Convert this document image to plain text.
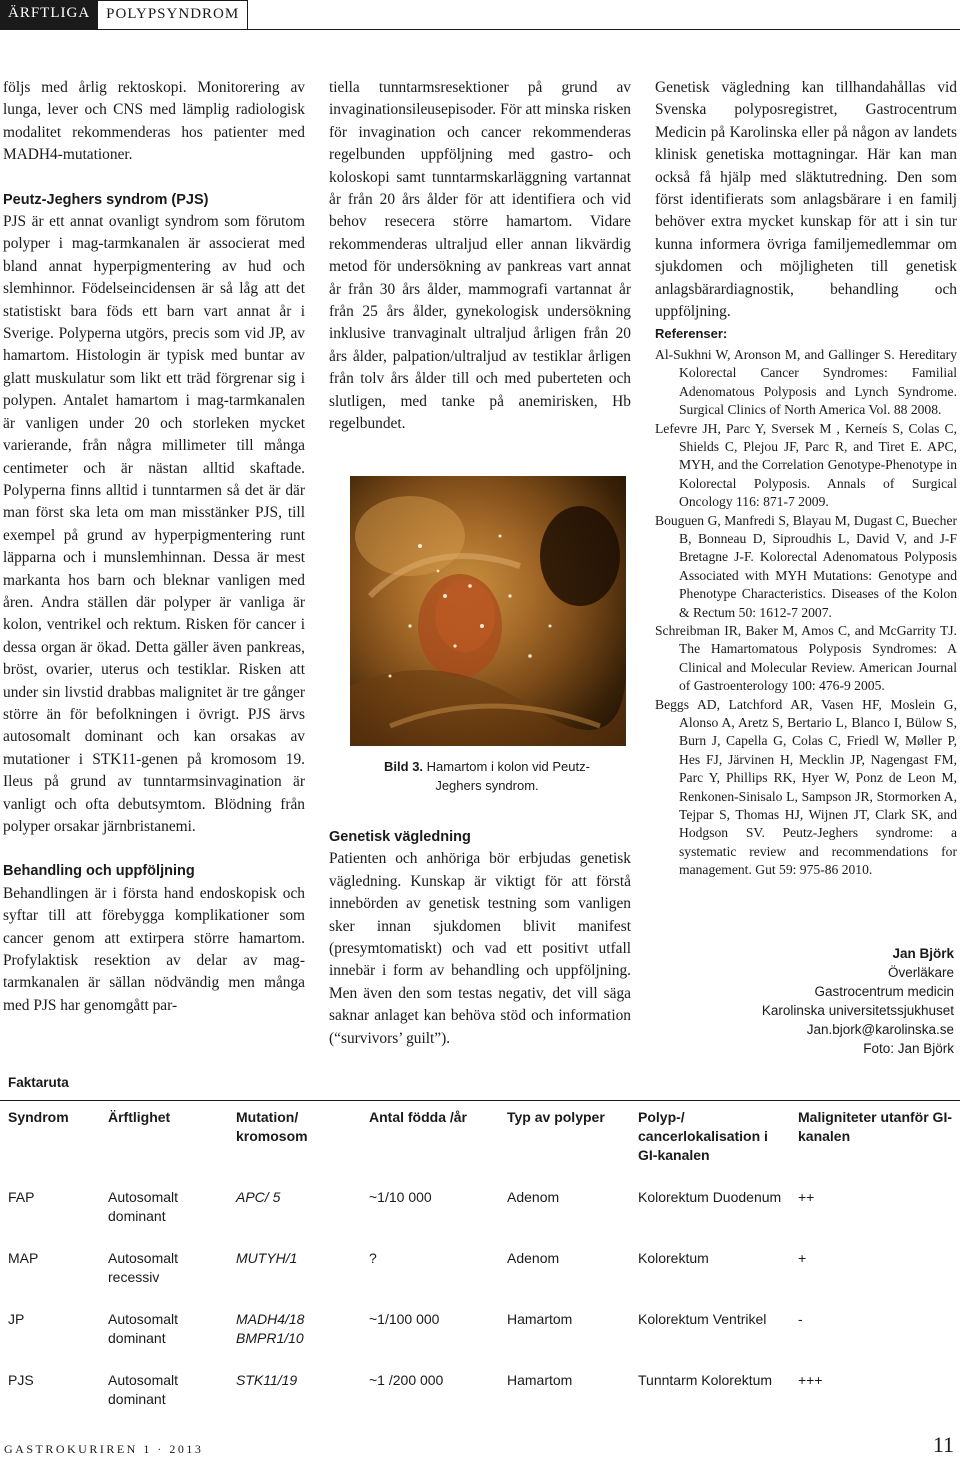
ÄRFTLIGA	POLYPSYNDROM

följs med årlig rektoskopi. Monitorering av lunga, lever och CNS med lämplig radiologisk modalitet rekommenderas hos patienter med MADH4-mutationer.

Peutz-Jeghers syndrom (PJS)

PJS är ett annat ovanligt syndrom som förutom polyper i mag-tarmkanalen är associerat med bland annat hyperpigmentering av hud och slemhinnor. Födelseincidensen är så låg att det statistiskt bara föds ett barn vart annat år i Sverige. Polyperna utgörs, precis som vid JP, av hamartom. Histologin är typisk med buntar av glatt muskulatur som likt ett träd förgrenar sig i polypen. Antalet hamartom i mag-tarmkanalen är vanligen under 20 och storleken mycket varierande, från några millimeter till många centimeter och är nästan alltid skaftade. Polyperna finns alltid i tunntarmen så det är där man först ska leta om man misstänker PJS, till exempel på grund av hyperpigmentering runt läpparna och i munslemhinnan. Dessa är mest markanta hos barn och bleknar vanligen med åren. Andra ställen där polyper är vanliga är kolon, ventrikel och rektum. Risken för cancer i dessa organ är ökad. Detta gäller även pankreas, bröst, ovarier, uterus och testiklar. Risken att under sin livstid drabbas malignitet är tre gånger större än för befolkningen i övrigt. PJS ärvs autosomalt dominant och kan orsakas av mutationer i STK11-genen på kromosom 19. Ileus på grund av tunntarmsinvagination är vanligt och ofta debutsymtom. Blödning från polyper orsakar järnbristanemi.

Behandling och uppföljning

Behandlingen är i första hand endoskopisk och syftar till att förebygga komplikationer som cancer genom att extirpera större hamartom. Profylaktisk resektion av delar av mag-tarmkanalen är sällan nödvändig men många med PJS har genomgått par-

tiella tunntarmsresektioner på grund av invaginationsileusepisoder. För att minska risken för invagination och cancer rekommenderas regelbunden uppföljning med gastro- och koloskopi samt tunntarmskarläggning vartannat år från 20 års ålder för att identifiera och vid behov resecera större hamartom. Vidare rekommenderas ultraljud eller annan likvärdig metod för undersökning av pankreas vart annat år från 30 års ålder, mammografi vartannat år från 25 års ålder, gynekologisk undersökning inklusive tranvaginalt ultraljud årligen från 20 års ålder, palpation/ultraljud av testiklar årligen från tolv års ålder till och med puberteten och slutligen, med tanke på anemirisken, Hb regelbundet.

Bild 3. Hamartom i kolon vid Peutz-Jeghers syndrom.

Genetisk vägledning

Patienten och anhöriga bör erbjudas genetisk vägledning. Kunskap är viktigt för att förstå innebörden av genetisk testning som vanligen sker innan sjukdomen blivit manifest (presymtomatiskt) och vad ett positivt utfall innebär i form av behandling och uppföljning. Men även den som testas negativ, det vill säga saknar anlaget kan behöva stöd och information (“survivors’ guilt”).

Genetisk vägledning kan tillhandahållas vid Svenska polyposregistret, Gastrocentrum Medicin på Karolinska eller på någon av landets klinisk genetiska mottagningar. Här kan man också få hjälp med släktutredning. Den som först identifierats som anlagsbärare i en familj behöver extra mycket kunskap för att i sin tur kunna informera övriga familjemedlemmar om sjukdomen och möjligheten till genetisk anlagsbärardiagnostik, behandling och uppföljning.

Referenser:

Al-Sukhni W, Aronson M, and Gallinger S. Hereditary Kolorectal Cancer Syndromes: Familial Adenomatous Polyposis and Lynch Syndrome. Surgical Clinics of North America Vol. 88 2008.

Lefevre JH, Parc Y, Sversek M , Kerneís S, Colas C, Shields C, Plejou JF, Parc R, and Tiret E. APC, MYH, and the Correlation Genotype-Phenotype in Kolorectal Polyposis. Annals of Surgical Oncology 116: 871-7 2009.

Bouguen G, Manfredi S, Blayau M, Dugast C, Buecher B, Bonneau D, Siproudhis L, David V, and J-F Bretagne J-F. Kolorectal Adenomatous Polyposis Associated with MYH Mutations: Genotype and Phenotype Characteristics. Diseases of the Kolon & Rectum 50: 1612-7 2007.

Schreibman IR, Baker M, Amos C, and McGarrity TJ. The Hamartomatous Polyposis Syndromes: A Clinical and Molecular Review. American Journal of Gastroenterology 100: 476-9 2005.

Beggs AD, Latchford AR, Vasen HF, Moslein G, Alonso A, Aretz S, Bertario L, Blanco I, Bülow S, Burn J, Capella G, Colas C, Friedl W, Møller P, Hes FJ, Järvinen H, Mecklin JP, Nagengast FM, Parc Y, Phillips RK, Hyer W, Ponz de Leon M, Renkonen-Sinisalo L, Sampson JR, Stormorken A, Tejpar S, Thomas HJ, Wijnen JT, Clark SK, and Hodgson SV. Peutz-Jeghers syndrome: a systematic review and recommendations for management. Gut 59: 975-86 2010.

Jan Björk
Överläkare
Gastrocentrum medicin
Karolinska universitetssjukhuset
Jan.bjork@karolinska.se
Foto: Jan Björk
Faktaruta
Syndrom	Ärftlighet	Mutation/ kromosom	Antal födda /år	Typ av polyper	Polyp-/ cancerlokalisation i GI-kanalen	Maligniteter utanför GI-kanalen
FAP	Autosomalt dominant	APC/ 5	~1/10 000	Adenom	Kolorektum Duodenum	++
MAP	Autosomalt recessiv	MUTYH/1	?	Adenom	Kolorektum	+
JP	Autosomalt dominant	MADH4/18 BMPR1/10	~1/100 000	Hamartom	Kolorektum Ventrikel	-
PJS	Autosomalt dominant	STK11/19	~1 /200 000	Hamartom	Tunntarm Kolorektum	+++
GASTROKURIREN 1 · 2013	11
